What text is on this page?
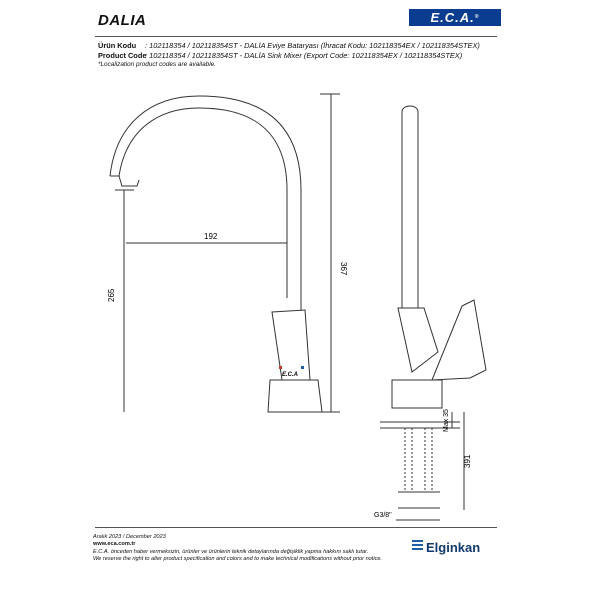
DALIA	E.C.A.®
Ürün Kodu : 102118354 / 102118354ST - DALİA Eviye Bataryası (İhracat Kodu: 102118354EX / 102118354STEX)
Product Code: 102118354 / 102118354ST - DALİA Sink Mixer (Export Code: 102118354EX / 102118354STEX)
*Localization product codes are available.
192
367
265
Max 35
391
G3/8"
E.C.A
Aralık 2023 / December 2023
www.eca.com.tr
E.C.A. önceden haber vermeksizin, ürünler ve ürünlerin teknik detaylarında değişiklik yapma hakkını saklı tutar.
We reserve the right to alter product specification and colors and to make technical modifications without prior notice.
Elginkan
